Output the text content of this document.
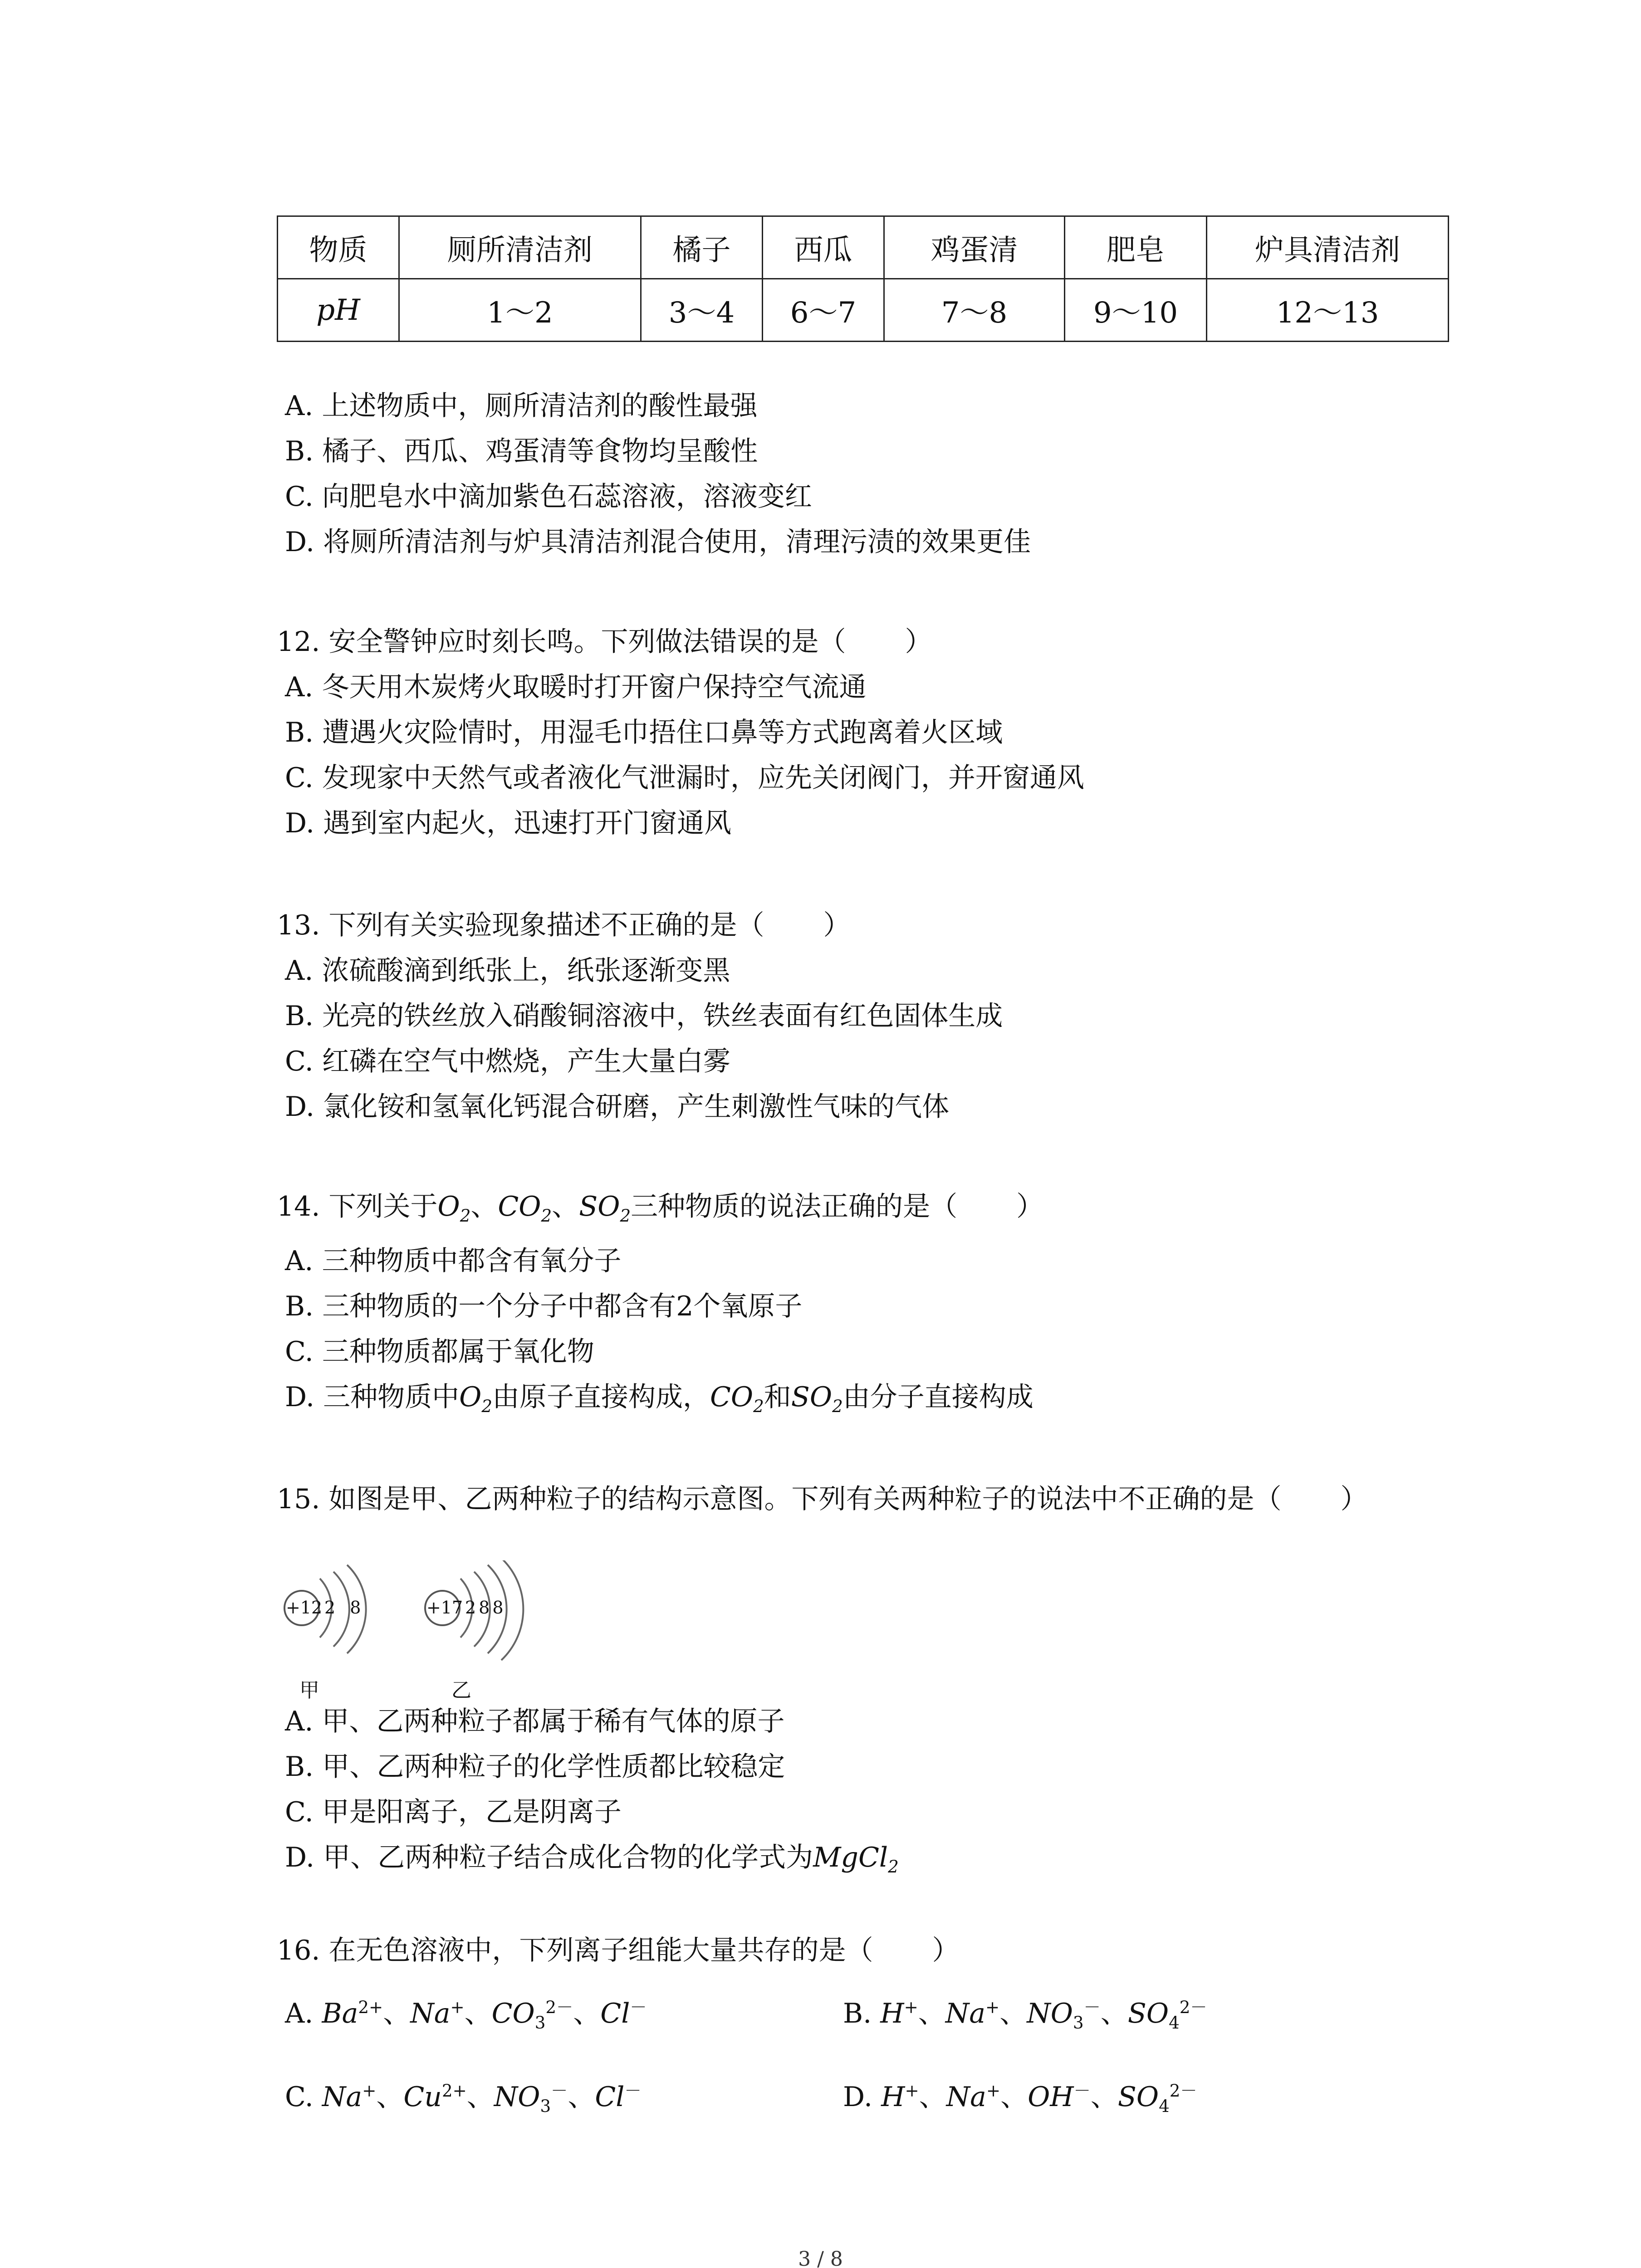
物质	厕所清洁剂	橘子	西瓜	鸡蛋清	肥皂	炉具清洁剂
pH	1～2	3～4	6～7	7～8	9～10	12～13
A. 上述物质中，厕所清洁剂的酸性最强
B. 橘子、西瓜、鸡蛋清等食物均呈酸性
C. 向肥皂水中滴加紫色石蕊溶液，溶液变红
D. 将厕所清洁剂与炉具清洁剂混合使用，清理污渍的效果更佳
12. 安全警钟应时刻长鸣。下列做法错误的是（ ）
A. 冬天用木炭烤火取暖时打开窗户保持空气流通
B. 遭遇火灾险情时，用湿毛巾捂住口鼻等方式跑离着火区域
C. 发现家中天然气或者液化气泄漏时，应先关闭阀门，并开窗通风
D. 遇到室内起火，迅速打开门窗通风
13. 下列有关实验现象描述不正确的是（ ）
A. 浓硫酸滴到纸张上，纸张逐渐变黑
B. 光亮的铁丝放入硝酸铜溶液中，铁丝表面有红色固体生成
C. 红磷在空气中燃烧，产生大量白雾
D. 氯化铵和氢氧化钙混合研磨，产生刺激性气味的气体
14. 下列关于$O_2$、$CO_2$、$SO_2$三种物质的说法正确的是（ ）
A. 三种物质中都含有氧分子
B. 三种物质的一个分子中都含有2个氧原子
C. 三种物质都属于氧化物
D. 三种物质中$O_2$由原子直接构成，$CO_2$和$SO_2$由分子直接构成
15. 如图是甲、乙两种粒子的结构示意图。下列有关两种粒子的说法中不正确的是（ ）
+12 2 8	+17 288
甲	乙
A. 甲、乙两种粒子都属于稀有气体的原子
B. 甲、乙两种粒子的化学性质都比较稳定
C. 甲是阳离子，乙是阴离子
D. 甲、乙两种粒子结合成化合物的化学式为MgCl$_2$
16. 在无色溶液中，下列离子组能大量共存的是（ ）
A. $Ba^{2+}$、Na+、$CO_3^{2-}$、Cl－	B. H+、Na+、$NO_3^-$、$SO_4^{2-}$
C. Na+、$Cu^{2+}$、$NO_3^-$、Cl－	D. H+、Na+、OH－、$SO_4^{2-}$
3 / 8
